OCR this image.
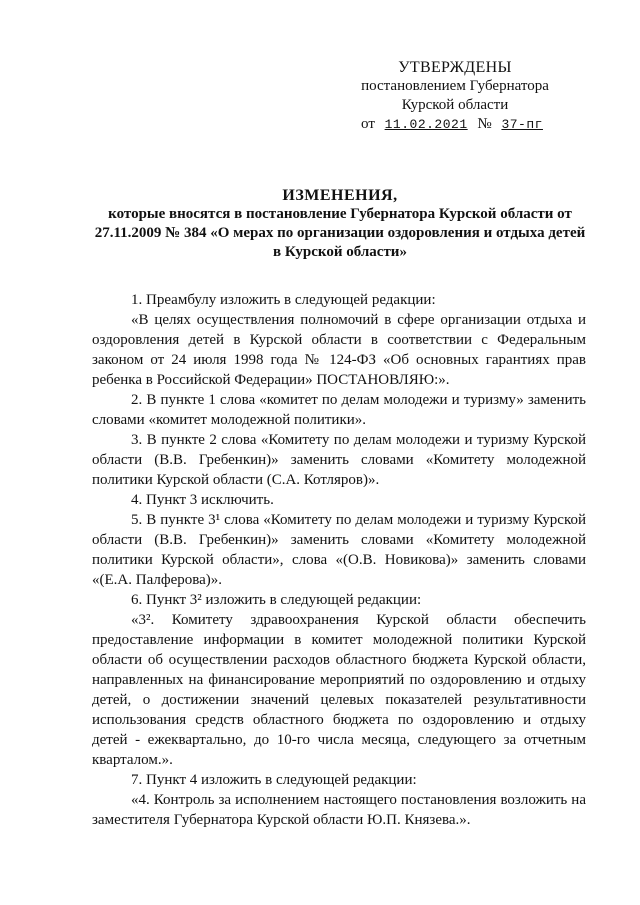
УТВЕРЖДЕНЫ
постановлением Губернатора
Курской области
от 11.02.2021 № 37-пг
ИЗМЕНЕНИЯ,
которые вносятся в постановление Губернатора Курской области от 27.11.2009 № 384 «О мерах по организации оздоровления и отдыха детей в Курской области»

1. Преамбулу изложить в следующей редакции:

«В целях осуществления полномочий в сфере организации отдыха и оздоровления детей в Курской области в соответствии с Федеральным законом от 24 июля 1998 года № 124-ФЗ «Об основных гарантиях прав ребенка в Российской Федерации» ПОСТАНОВЛЯЮ:».

2. В пункте 1 слова «комитет по делам молодежи и туризму» заменить словами «комитет молодежной политики».

3. В пункте 2 слова «Комитету по делам молодежи и туризму Курской области (В.В. Гребенкин)» заменить словами «Комитету молодежной политики Курской области (С.А. Котляров)».

4. Пункт 3 исключить.

5. В пункте 3¹ слова «Комитету по делам молодежи и туризму Курской области (В.В. Гребенкин)» заменить словами «Комитету молодежной политики Курской области», слова «(О.В. Новикова)» заменить словами «(Е.А. Палферова)».

6. Пункт 3² изложить в следующей редакции:

«3². Комитету здравоохранения Курской области обеспечить предоставление информации в комитет молодежной политики Курской области об осуществлении расходов областного бюджета Курской области, направленных на финансирование мероприятий по оздоровлению и отдыху детей, о достижении значений целевых показателей результативности использования средств областного бюджета по оздоровлению и отдыху детей - ежеквартально, до 10-го числа месяца, следующего за отчетным кварталом.».

7. Пункт 4 изложить в следующей редакции:

«4. Контроль за исполнением настоящего постановления возложить на заместителя Губернатора Курской области Ю.П. Князева.».
